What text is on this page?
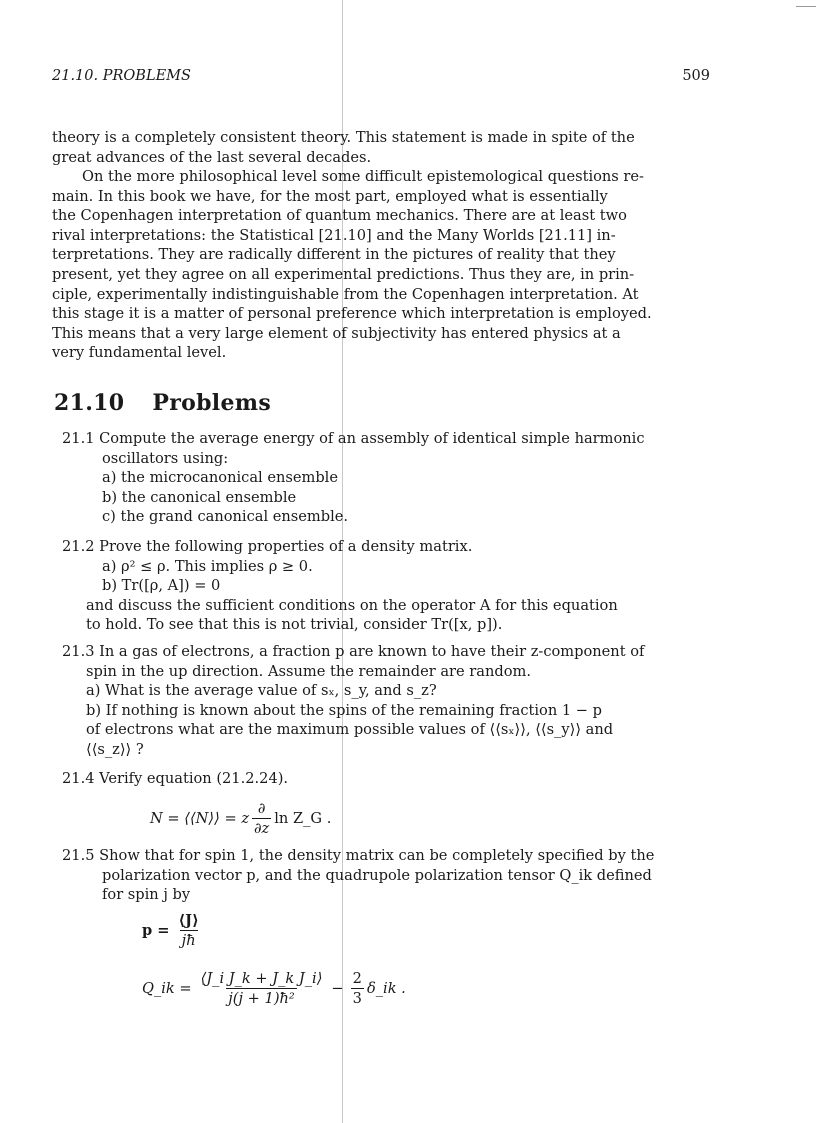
21.10. PROBLEMS	509
theory is a completely consistent theory. This statement is made in spite of the
great advances of the last several decades.
On the more philosophical level some difficult epistemological questions re-
main. In this book we have, for the most part, employed what is essentially
the Copenhagen interpretation of quantum mechanics. There are at least two
rival interpretations: the Statistical [21.10] and the Many Worlds [21.11] in-
terpretations. They are radically different in the pictures of reality that they
present, yet they agree on all experimental predictions. Thus they are, in prin-
ciple, experimentally indistinguishable from the Copenhagen interpretation. At
this stage it is a matter of personal preference which interpretation is employed.
This means that a very large element of subjectivity has entered physics at a
very fundamental level.
21.10 Problems
21.1 Compute the average energy of an assembly of identical simple harmonic
oscillators using:
a) the microcanonical ensemble
b) the canonical ensemble
c) the grand canonical ensemble.
21.2 Prove the following properties of a density matrix.
a) ρ² ≤ ρ. This implies ρ ≥ 0.
b) Tr([ρ, A]) = 0
and discuss the sufficient conditions on the operator A for this equation
to hold. To see that this is not trivial, consider Tr([x, p]).
21.3 In a gas of electrons, a fraction p are known to have their z-component of
spin in the up direction. Assume the remainder are random.
a) What is the average value of sₓ, s_y, and s_z?
b) If nothing is known about the spins of the remaining fraction 1 − p
of electrons what are the maximum possible values of ⟨⟨sₓ⟩⟩, ⟨⟨s_y⟩⟩ and
⟨⟨s_z⟩⟩ ?
21.4 Verify equation (21.2.24).
N = ⟨⟨N⟩⟩ = z $\frac{\partial}{\partial z}$ ln Z_G .
21.5 Show that for spin 1, the density matrix can be completely specified by the
polarization vector p, and the quadrupole polarization tensor Q_ik defined
for spin j by
$p = \frac{⟨J⟩}{jħ}$
Q_ik = $\frac{\text{⟨J\_i J\_k + J\_k J\_i⟩}}{\text{j(j + 1)ħ²}} - \frac{2}{3}$ δ_ik .
